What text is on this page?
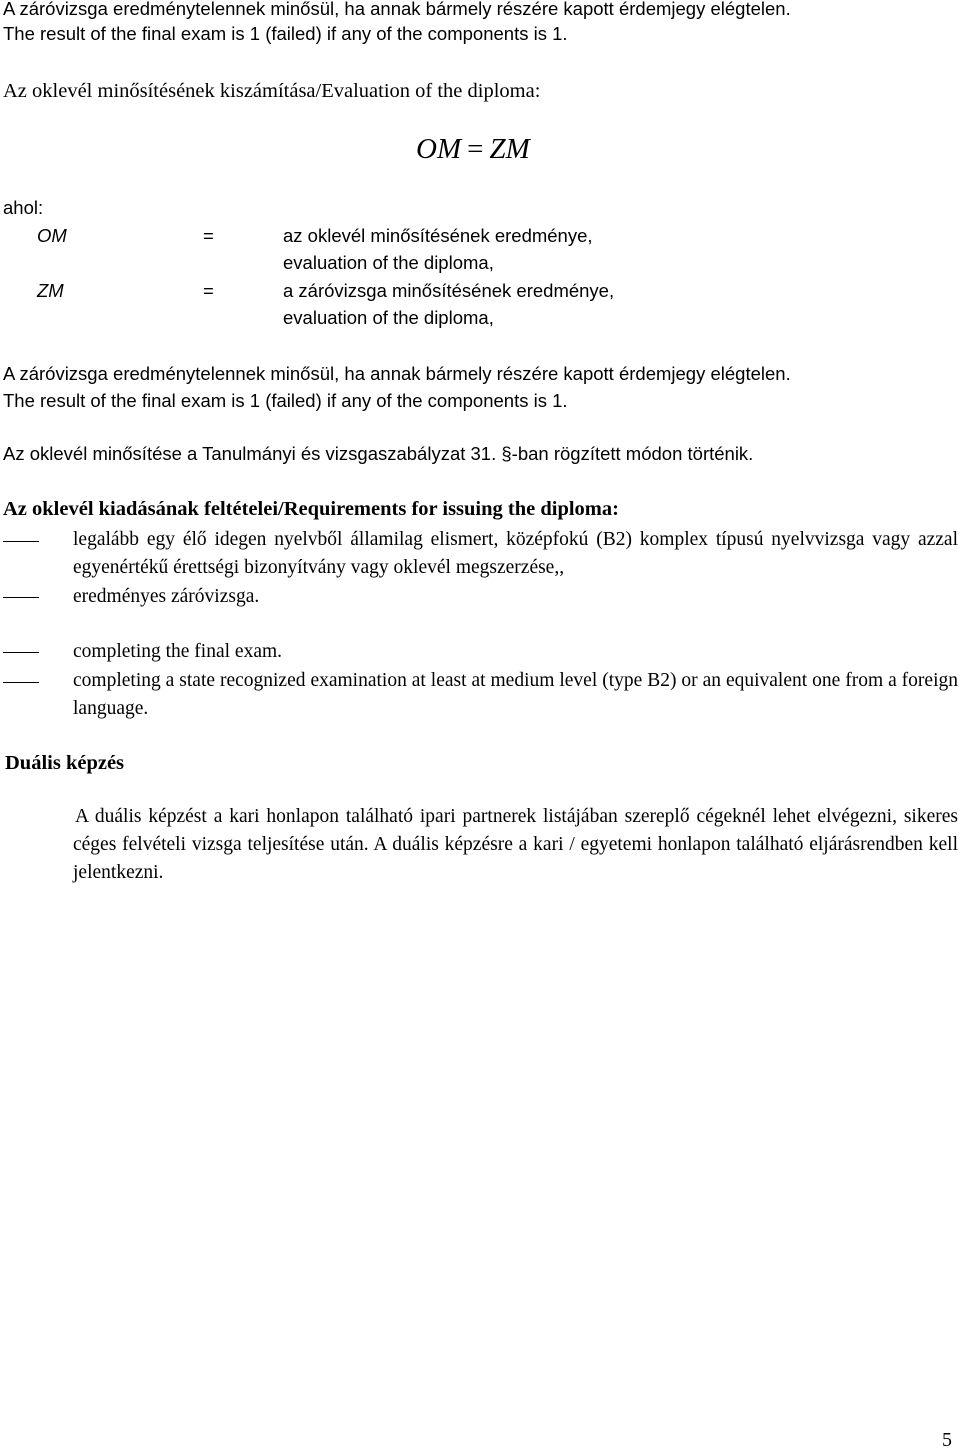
A záróvizsga eredménytelennek minősül, ha annak bármely részére kapott érdemjegy elégtelen.
The result of the final exam is 1 (failed) if any of the components is 1.
Az oklevél minősítésének kiszámítása/Evaluation of the diploma:
OM = ZM
ahol:
OM	=	az oklevél minősítésének eredménye,
evaluation of the diploma,
ZM	=	a záróvizsga minősítésének eredménye,
evaluation of the diploma,
A záróvizsga eredménytelennek minősül, ha annak bármely részére kapott érdemjegy elégtelen.
The result of the final exam is 1 (failed) if any of the components is 1.
Az oklevél minősítése a Tanulmányi és vizsgaszabályzat 31. §-ban rögzített módon történik.
Az oklevél kiadásának feltételei/Requirements for issuing the diploma:
legalább egy élő idegen nyelvből államilag elismert, középfokú (B2) komplex típusú nyelvvizsga vagy azzal egyenértékű érettségi bizonyítvány vagy oklevél megszerzése,,
eredményes záróvizsga.
completing the final exam.
completing a state recognized examination at least at medium level (type B2) or an equivalent one from a foreign language.
Duális képzés
A duális képzést a kari honlapon található ipari partnerek listájában szereplő cégeknél lehet elvégezni, sikeres céges felvételi vizsga teljesítése után. A duális képzésre a kari / egyetemi honlapon található eljárásrendben kell jelentkezni.
5
